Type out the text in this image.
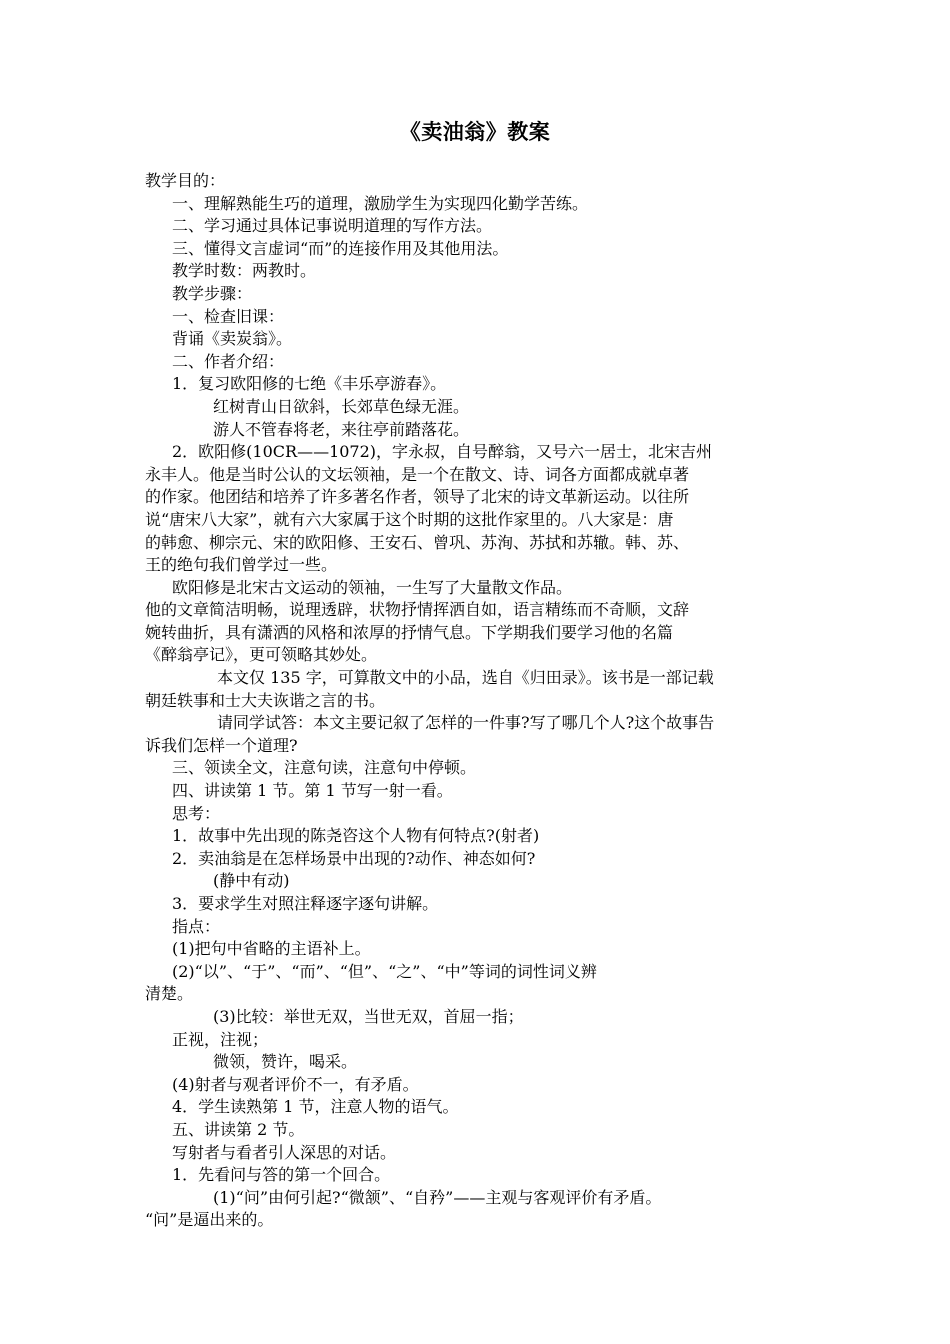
《卖油翁》教案
教学目的：
一、理解熟能生巧的道理，激励学生为实现四化勤学苦练。
二、学习通过具体记事说明道理的写作方法。
三、懂得文言虚词“而”的连接作用及其他用法。
教学时数：两教时。
教学步骤：
一、检查旧课：
背诵《卖炭翁》。
二、作者介绍：
1．复习欧阳修的七绝《丰乐亭游春》。
红树青山日欲斜，长郊草色绿无涯。
游人不管春将老，来往亭前踏落花。
2．欧阳修(10CR——1072)，字永叔，自号醉翁，又号六一居士，北宋吉州
永丰人。他是当时公认的文坛领袖，是一个在散文、诗、词各方面都成就卓著
的作家。他团结和培养了许多著名作者，领导了北宋的诗文革新运动。以往所
说“唐宋八大家”，就有六大家属于这个时期的这批作家里的。八大家是：唐
的韩愈、柳宗元、宋的欧阳修、王安石、曾巩、苏洵、苏拭和苏辙。韩、苏、
王的绝句我们曾学过一些。
欧阳修是北宋古文运动的领袖，一生写了大量散文作品。
他的文章简洁明畅，说理透辟，状物抒情挥洒自如，语言精练而不奇顺，文辞
婉转曲折，具有潇洒的风格和浓厚的抒情气息。下学期我们要学习他的名篇
《醉翁亭记》，更可领略其妙处。
本文仅 135 字，可算散文中的小品，选自《归田录》。该书是一部记载
朝廷轶事和士大夫诙谐之言的书。
请同学试答：本文主要记叙了怎样的一件事?写了哪几个人?这个故事告
诉我们怎样一个道理?
三、领读全文，注意句读，注意句中停顿。
四、讲读第 1 节。第 1 节写一射一看。
思考：
1．故事中先出现的陈尧咨这个人物有何特点?(射者)
2．卖油翁是在怎样场景中出现的?动作、神态如何?
(静中有动)
3．要求学生对照注释逐字逐句讲解。
指点：
(1)把句中省略的主语补上。
(2)“以”、“于”、“而”、“但”、“之”、“中”等词的词性词义辨
清楚。
(3)比较：举世无双，当世无双，首屈一指；
正视，注视；
微领，赞许，喝采。
(4)射者与观者评价不一，有矛盾。
4．学生读熟第 1 节，注意人物的语气。
五、讲读第 2 节。
写射者与看者引人深思的对话。
1．先看问与答的第一个回合。
(1)“问”由何引起?“微颔”、“自矜”——主观与客观评价有矛盾。
“问”是逼出来的。
